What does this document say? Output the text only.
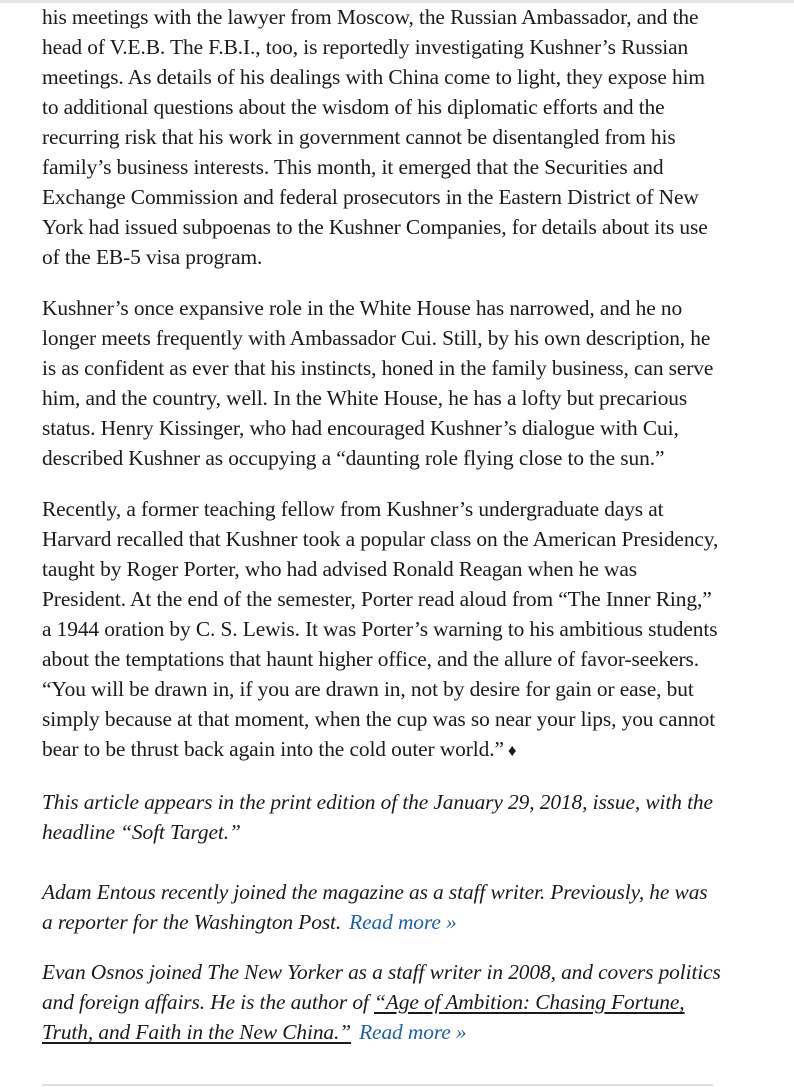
his meetings with the lawyer from Moscow, the Russian Ambassador, and the head of V.E.B. The F.B.I., too, is reportedly investigating Kushner’s Russian meetings. As details of his dealings with China come to light, they expose him to additional questions about the wisdom of his diplomatic efforts and the recurring risk that his work in government cannot be disentangled from his family’s business interests. This month, it emerged that the Securities and Exchange Commission and federal prosecutors in the Eastern District of New York had issued subpoenas to the Kushner Companies, for details about its use of the EB-5 visa program.

Kushner’s once expansive role in the White House has narrowed, and he no longer meets frequently with Ambassador Cui. Still, by his own description, he is as confident as ever that his instincts, honed in the family business, can serve him, and the country, well. In the White House, he has a lofty but precarious status. Henry Kissinger, who had encouraged Kushner’s dialogue with Cui, described Kushner as occupying a “daunting role flying close to the sun.”

Recently, a former teaching fellow from Kushner’s undergraduate days at Harvard recalled that Kushner took a popular class on the American Presidency, taught by Roger Porter, who had advised Ronald Reagan when he was President. At the end of the semester, Porter read aloud from “The Inner Ring,” a 1944 oration by C. S. Lewis. It was Porter’s warning to his ambitious students about the temptations that haunt higher office, and the allure of favor-seekers. “You will be drawn in, if you are drawn in, not by desire for gain or ease, but simply because at that moment, when the cup was so near your lips, you cannot bear to be thrust back again into the cold outer world.” ♦

This article appears in the print edition of the January 29, 2018, issue, with the headline “Soft Target.”

Adam Entous recently joined the magazine as a staff writer. Previously, he was a reporter for the Washington Post. Read more »

Evan Osnos joined The New Yorker as a staff writer in 2008, and covers politics and foreign affairs. He is the author of “Age of Ambition: Chasing Fortune, Truth, and Faith in the New China.” Read more »
